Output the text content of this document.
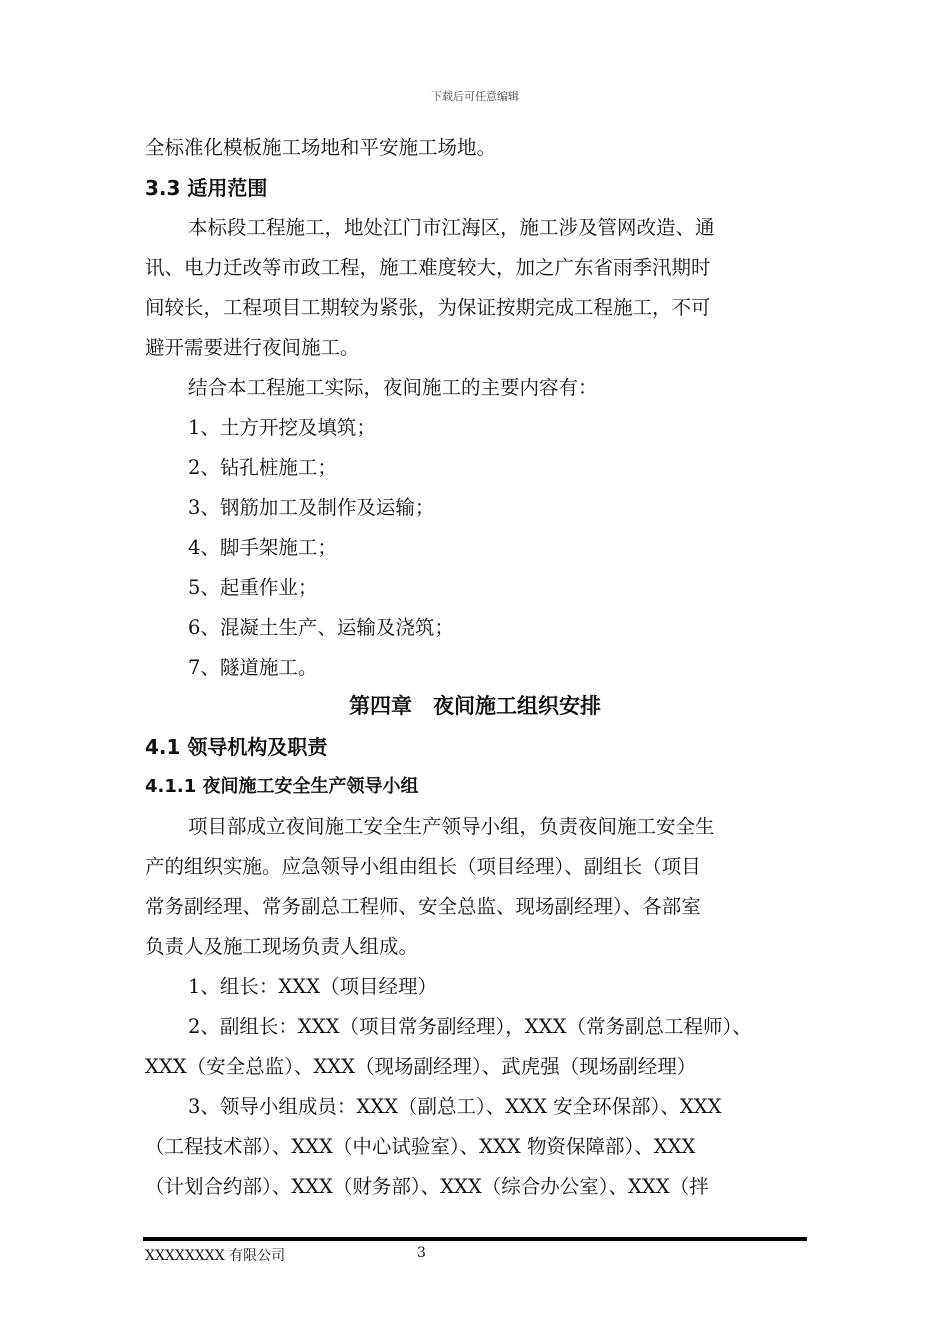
下载后可任意编辑
全标准化模板施工场地和平安施工场地。
3.3 适用范围
本标段工程施工，地处江门市江海区，施工涉及管网改造、通
讯、电力迁改等市政工程，施工难度较大，加之广东省雨季汛期时
间较长，工程项目工期较为紧张，为保证按期完成工程施工，不可
避开需要进行夜间施工。
结合本工程施工实际，夜间施工的主要内容有：
1、土方开挖及填筑；
2、钻孔桩施工；
3、钢筋加工及制作及运输；
4、脚手架施工；
5、起重作业；
6、混凝土生产、运输及浇筑；
7、隧道施工。
第四章　夜间施工组织安排
4.1 领导机构及职责
4.1.1 夜间施工安全生产领导小组
项目部成立夜间施工安全生产领导小组，负责夜间施工安全生
产的组织实施。应急领导小组由组长（项目经理）、副组长（项目
常务副经理、常务副总工程师、安全总监、现场副经理）、各部室
负责人及施工现场负责人组成。
1、组长：XXX（项目经理）
2、副组长：XXX（项目常务副经理），XXX（常务副总工程师）、
XXX（安全总监）、XXX（现场副经理）、武虎强（现场副经理）
3、领导小组成员：XXX（副总工）、XXX 安全环保部）、XXX
（工程技术部）、XXX（中心试验室）、XXX 物资保障部）、XXX
（计划合约部）、XXX（财务部）、XXX（综合办公室）、XXX（拌
XXXXXXXX 有限公司	3
